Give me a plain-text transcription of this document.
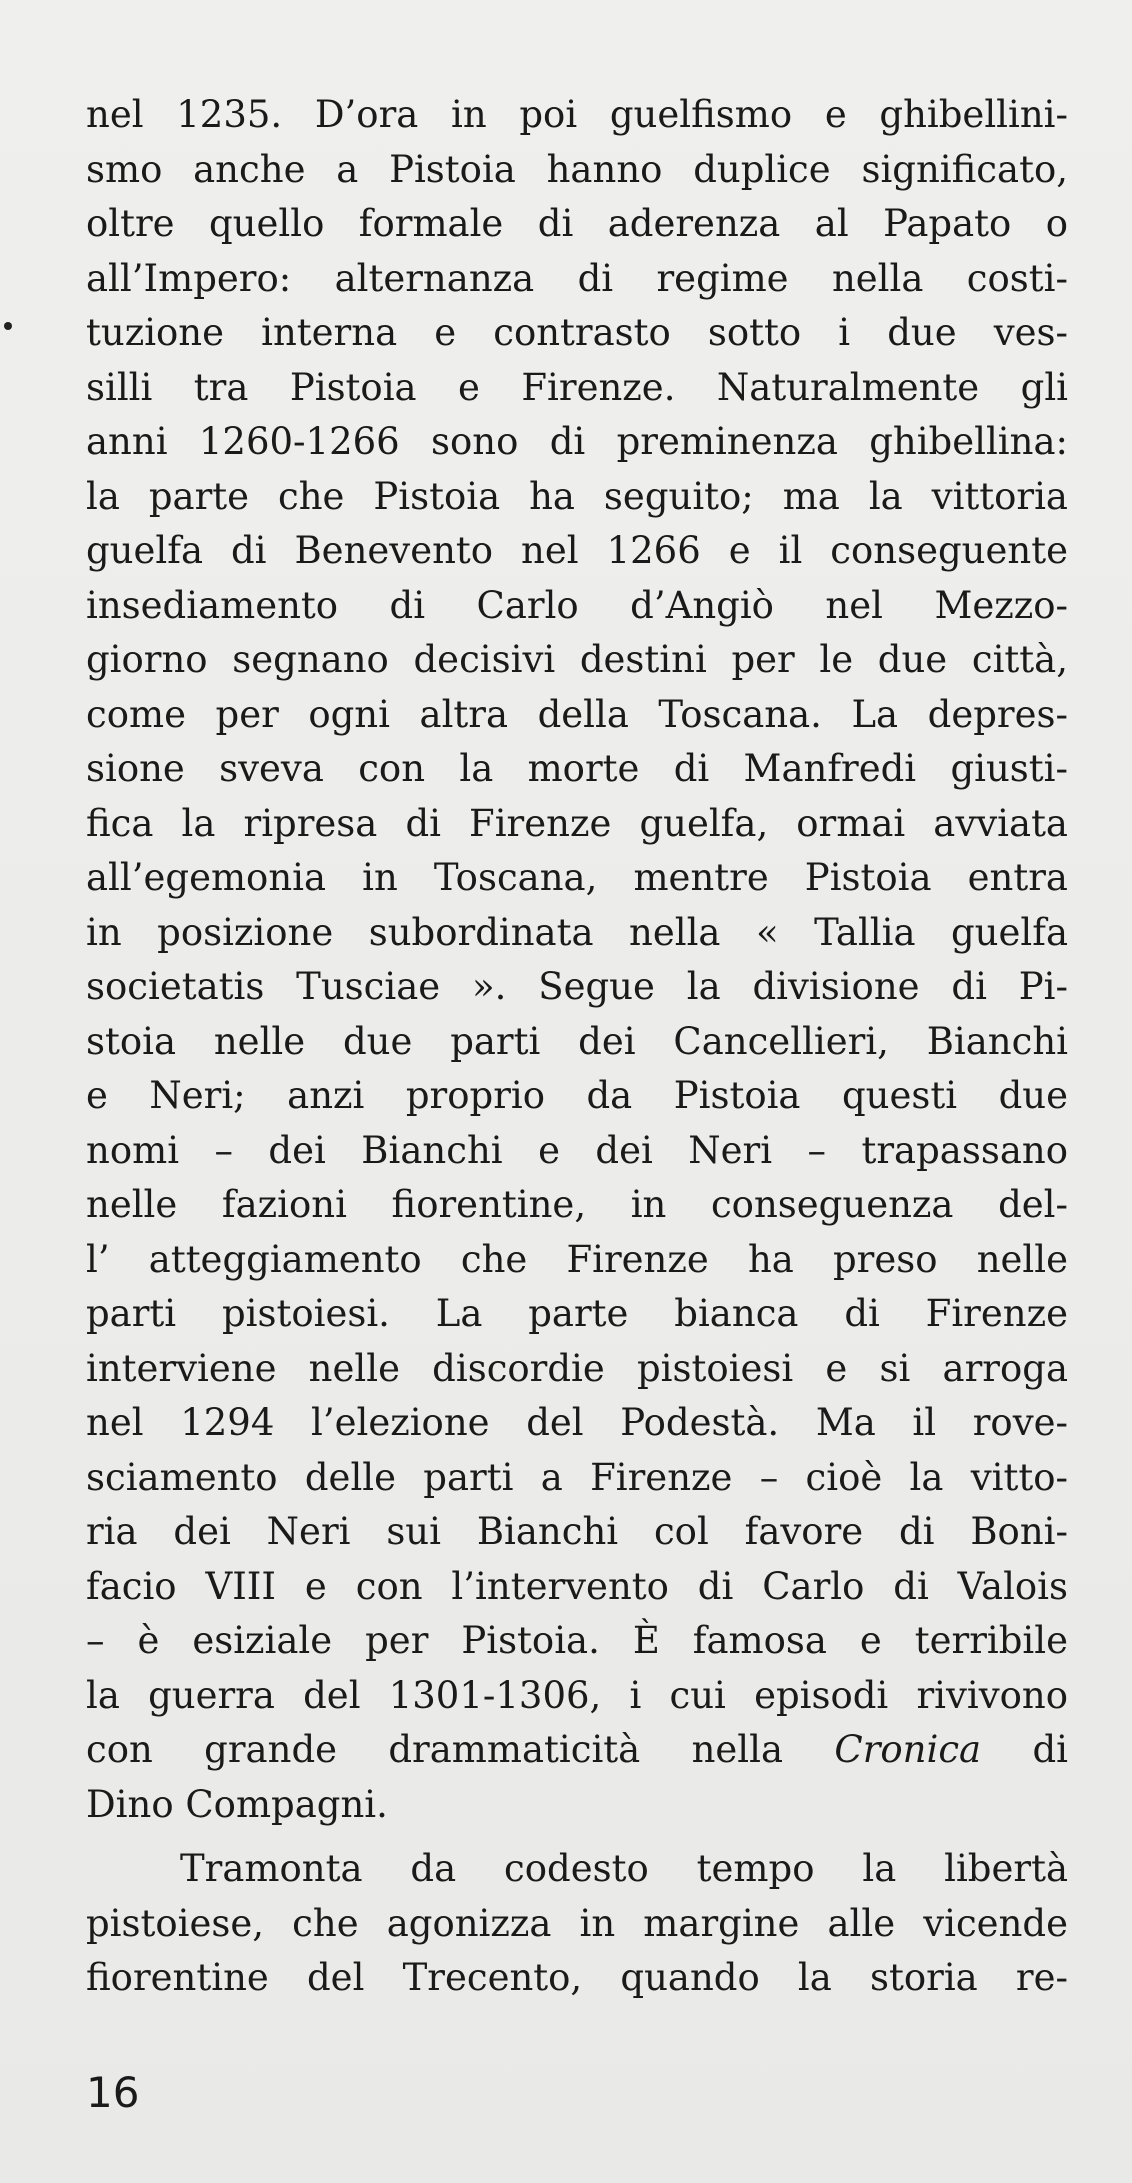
nel 1235. D’ora in poi guelfismo e ghibellini-
smo anche a Pistoia hanno duplice significato,
oltre quello formale di aderenza al Papato o
all’Impero: alternanza di regime nella costi-
tuzione interna e contrasto sotto i due ves-
silli tra Pistoia e Firenze. Naturalmente gli
anni 1260-1266 sono di preminenza ghibellina:
la parte che Pistoia ha seguito; ma la vittoria
guelfa di Benevento nel 1266 e il conseguente
insediamento di Carlo d’Angiò nel Mezzo-
giorno segnano decisivi destini per le due città,
come per ogni altra della Toscana. La depres-
sione sveva con la morte di Manfredi giusti-
fica la ripresa di Firenze guelfa, ormai avviata
all’egemonia in Toscana, mentre Pistoia entra
in posizione subordinata nella « Tallia guelfa
societatis Tusciae ». Segue la divisione di Pi-
stoia nelle due parti dei Cancellieri, Bianchi
e Neri; anzi proprio da Pistoia questi due
nomi – dei Bianchi e dei Neri – trapassano
nelle fazioni fiorentine, in conseguenza del-
l’ atteggiamento che Firenze ha preso nelle
parti pistoiesi. La parte bianca di Firenze
interviene nelle discordie pistoiesi e si arroga
nel 1294 l’elezione del Podestà. Ma il rove-
sciamento delle parti a Firenze – cioè la vitto-
ria dei Neri sui Bianchi col favore di Boni-
facio VIII e con l’intervento di Carlo di Valois
– è esiziale per Pistoia. È famosa e terribile
la guerra del 1301-1306, i cui episodi rivivono
con grande drammaticità nella Cronica di
Dino Compagni.
Tramonta da codesto tempo la libertà
pistoiese, che agonizza in margine alle vicende
fiorentine del Trecento, quando la storia re-
16
